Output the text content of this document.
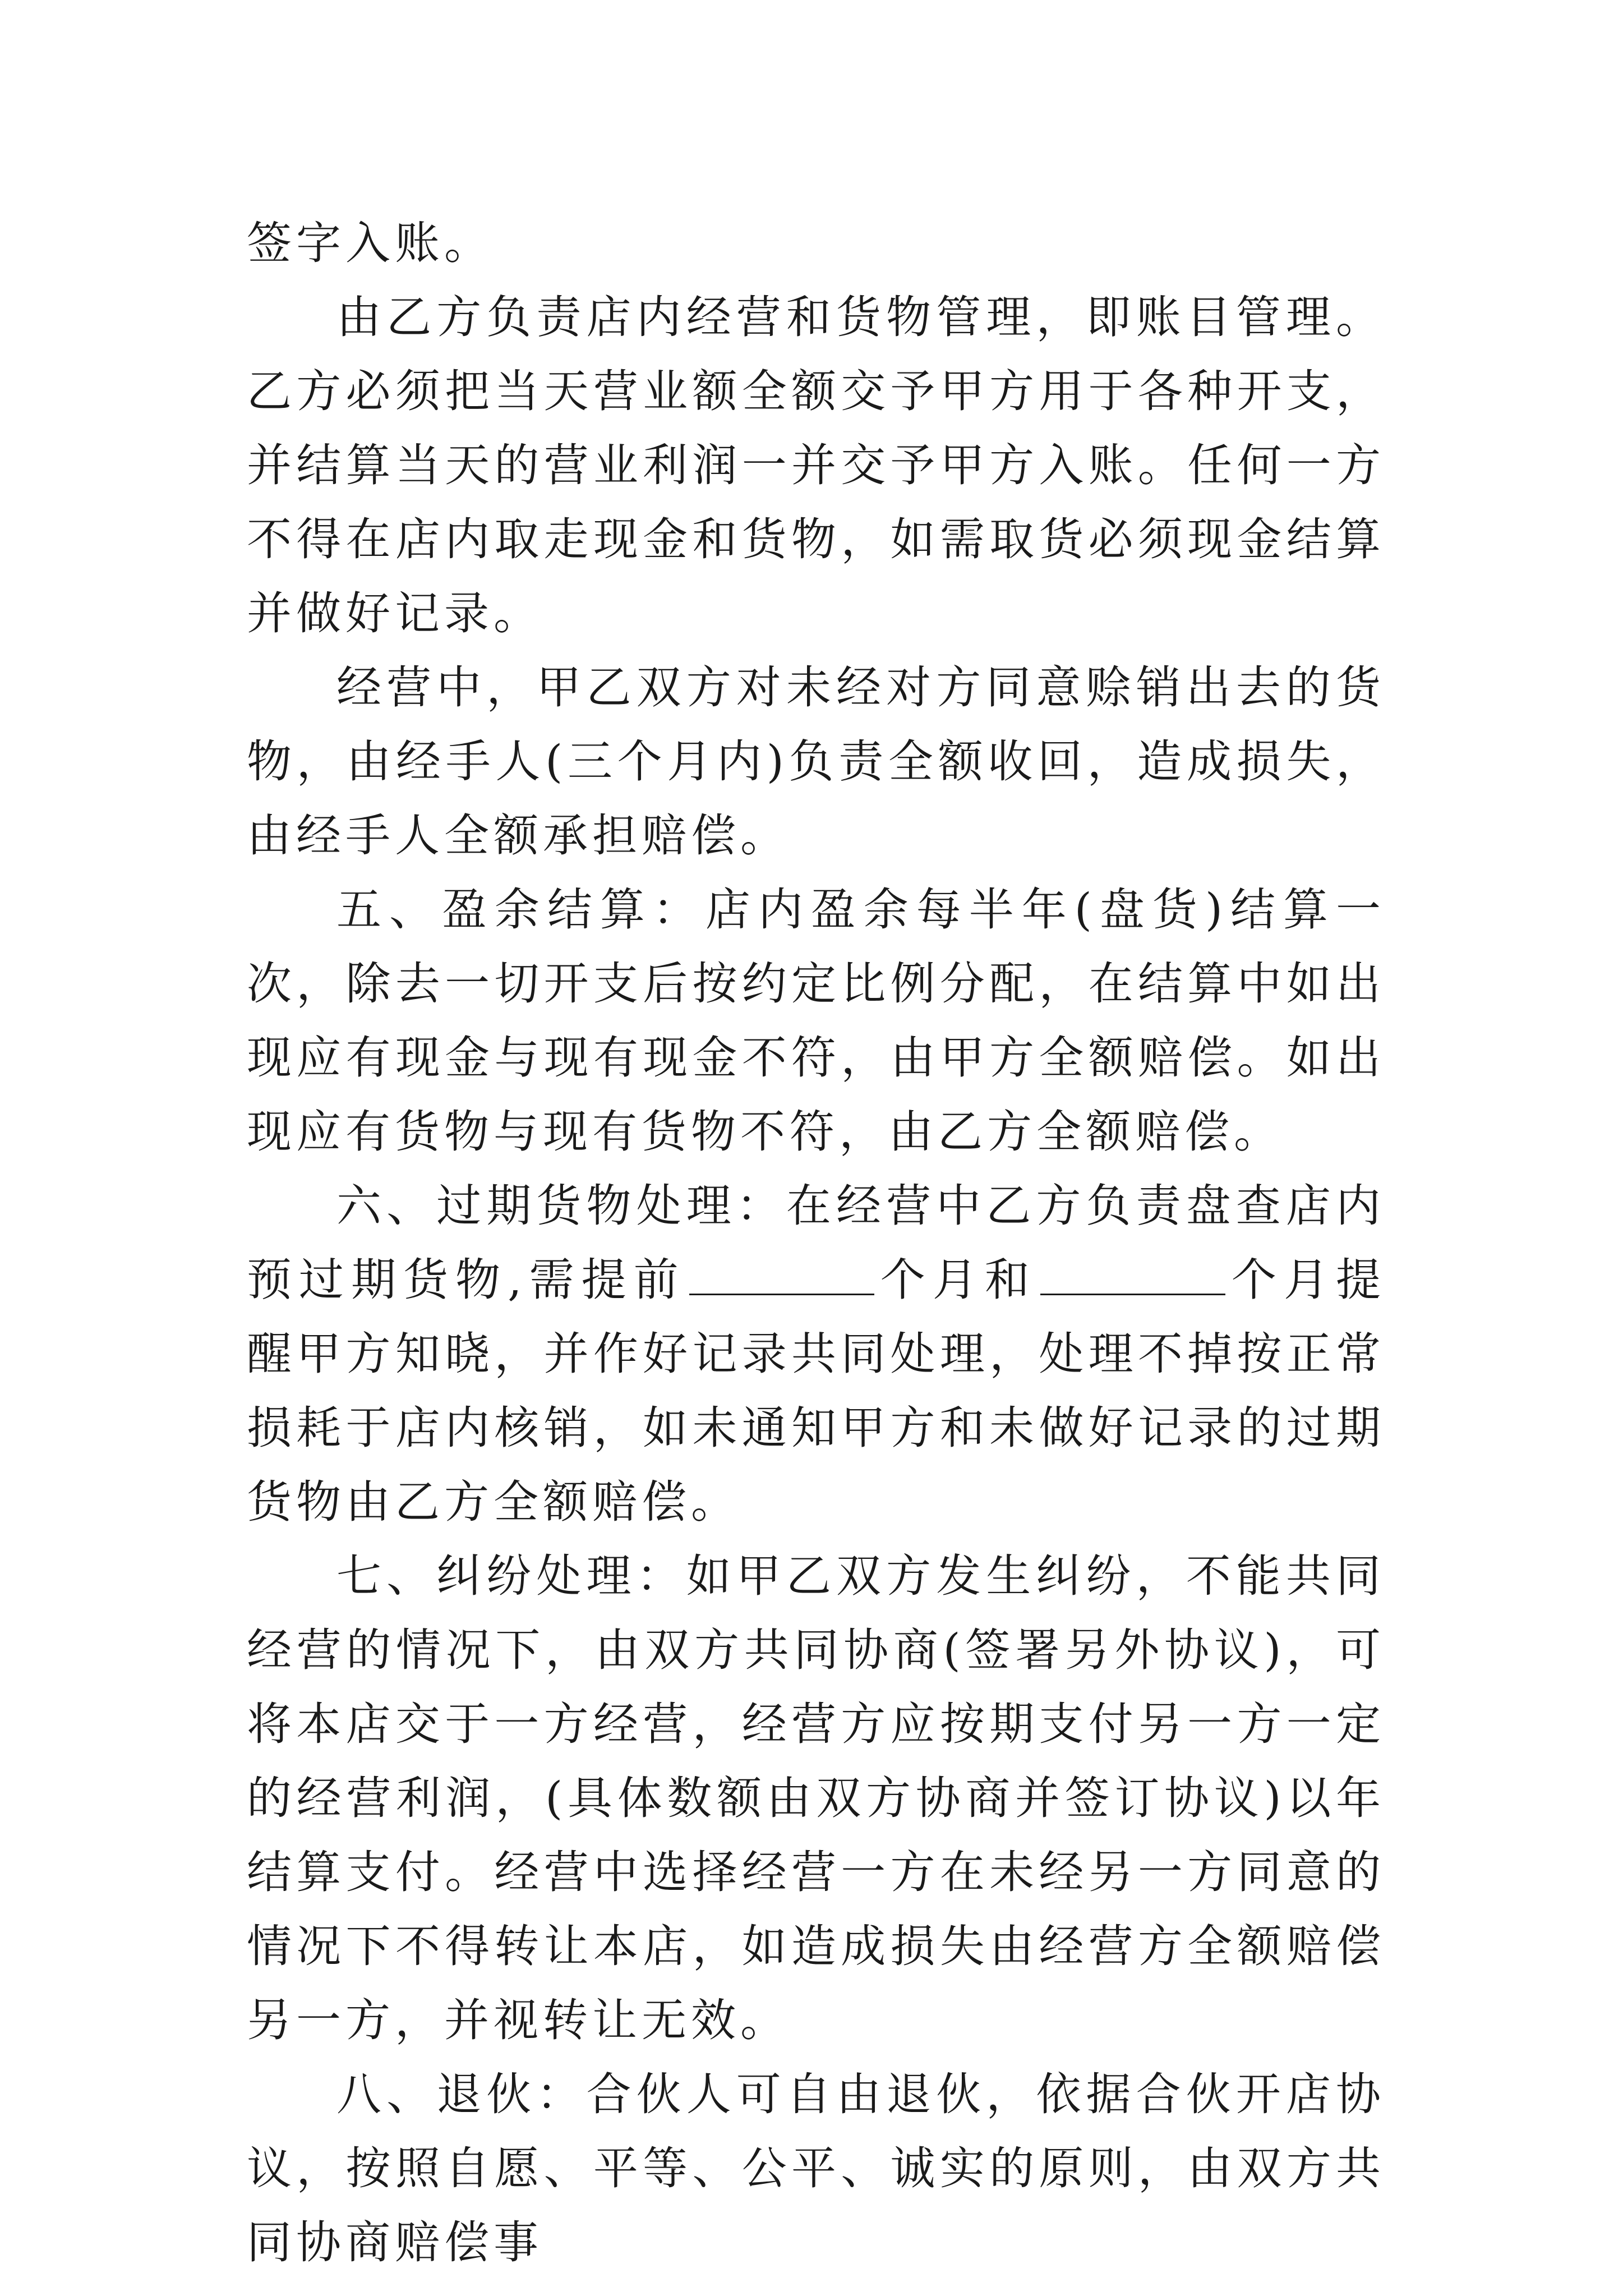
签字入账。

由乙方负责店内经营和货物管理，即账目管理。乙方必须把当天营业额全额交予甲方用于各种开支，并结算当天的营业利润一并交予甲方入账。任何一方不得在店内取走现金和货物，如需取货必须现金结算并做好记录。

经营中，甲乙双方对未经对方同意赊销出去的货物，由经手人(三个月内)负责全额收回，造成损失，由经手人全额承担赔偿。

五、盈余结算：店内盈余每半年(盘货)结算一次，除去一切开支后按约定比例分配，在结算中如出现应有现金与现有现金不符，由甲方全额赔偿。如出现应有货物与现有货物不符，由乙方全额赔偿。

六、过期货物处理：在经营中乙方负责盘查店内预过期货物,需提前	个月和	个月提醒甲方知晓，并作好记录共同处理，处理不掉按正常损耗于店内核销，如未通知甲方和未做好记录的过期货物由乙方全额赔偿。

七、纠纷处理：如甲乙双方发生纠纷，不能共同经营的情况下，由双方共同协商(签署另外协议)，可将本店交于一方经营，经营方应按期支付另一方一定的经营利润，(具体数额由双方协商并签订协议)以年结算支付。经营中选择经营一方在未经另一方同意的情况下不得转让本店，如造成损失由经营方全额赔偿另一方，并视转让无效。

八、退伙：合伙人可自由退伙，依据合伙开店协议，按照自愿、平等、公平、诚实的原则，由双方共同协商赔偿事
